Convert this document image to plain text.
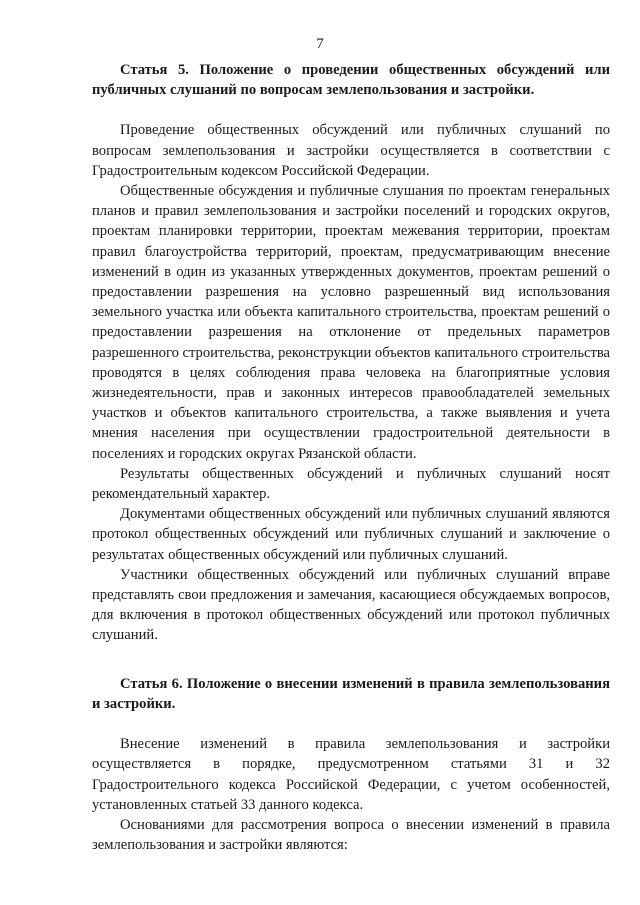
7

Статья 5. Положение о проведении общественных обсуждений или публичных слушаний по вопросам землепользования и застройки.

Проведение общественных обсуждений или публичных слушаний по вопросам землепользования и застройки осуществляется в соответствии с Градостроительным кодексом Российской Федерации.

Общественные обсуждения и публичные слушания по проектам генеральных планов и правил землепользования и застройки поселений и городских округов, проектам планировки территории, проектам межевания территории, проектам правил благоустройства территорий, проектам, предусматривающим внесение изменений в один из указанных утвержденных документов, проектам решений о предоставлении разрешения на условно разрешенный вид использования земельного участка или объекта капитального строительства, проектам решений о предоставлении разрешения на отклонение от предельных параметров разрешенного строительства, реконструкции объектов капитального строительства проводятся в целях соблюдения права человека на благоприятные условия жизнедеятельности, прав и законных интересов правообладателей земельных участков и объектов капитального строительства, а также выявления и учета мнения населения при осуществлении градостроительной деятельности в поселениях и городских округах Рязанской области.

Результаты общественных обсуждений и публичных слушаний носят рекомендательный характер.

Документами общественных обсуждений или публичных слушаний являются протокол общественных обсуждений или публичных слушаний и заключение о результатах общественных обсуждений или публичных слушаний.

Участники общественных обсуждений или публичных слушаний вправе представлять свои предложения и замечания, касающиеся обсуждаемых вопросов, для включения в протокол общественных обсуждений или протокол публичных слушаний.

Статья 6. Положение о внесении изменений в правила землепользования и застройки.

Внесение изменений в правила землепользования и застройки осуществляется в порядке, предусмотренном статьями 31 и 32 Градостроительного кодекса Российской Федерации, с учетом особенностей, установленных статьей 33 данного кодекса.

Основаниями для рассмотрения вопроса о внесении изменений в правила землепользования и застройки являются:
